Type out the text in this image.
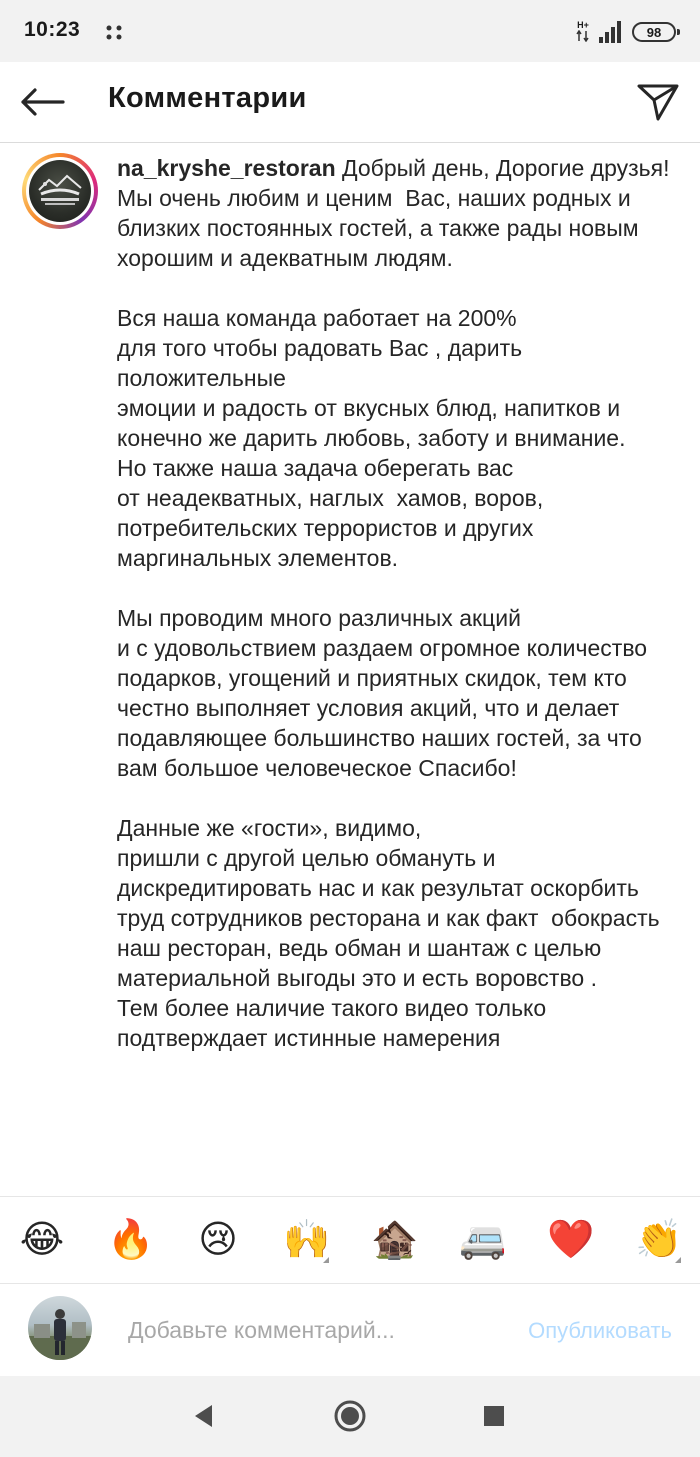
10:23	H+	98
Комментарии
na_kryshe_restoran Добрый день, Дорогие друзья!
Мы очень любим и ценим  Вас, наших родных и близких постоянных гостей, а также рады новым хорошим и адекватным людям.

Вся наша команда работает на 200%
для того чтобы радовать Вас , дарить положительные
эмоции и радость от вкусных блюд, напитков и конечно же дарить любовь, заботу и внимание.
Но также наша задача оберегать вас
от неадекватных, наглых  хамов, воров, потребительских террористов и других маргинальных элементов.

Мы проводим много различных акций
и с удовольствием раздаем огромное количество подарков, угощений и приятных скидок, тем кто честно выполняет условия акций, что и делает подавляющее большинство наших гостей, за что вам большое человеческое Спасибо!

Данные же «гости», видимо,
пришли с другой целью обмануть и дискредитировать нас и как результат оскорбить труд сотрудников ресторана и как факт  обокрасть наш ресторан, ведь обман и шантаж с целью материальной выгоды это и есть воровство .
Тем более наличие такого видео только подтверждает истинные намерения
😂 🔥 😢 🙌 🏚️ 🚐 ❤️ 👏
Добавьте комментарий...
Опубликовать
